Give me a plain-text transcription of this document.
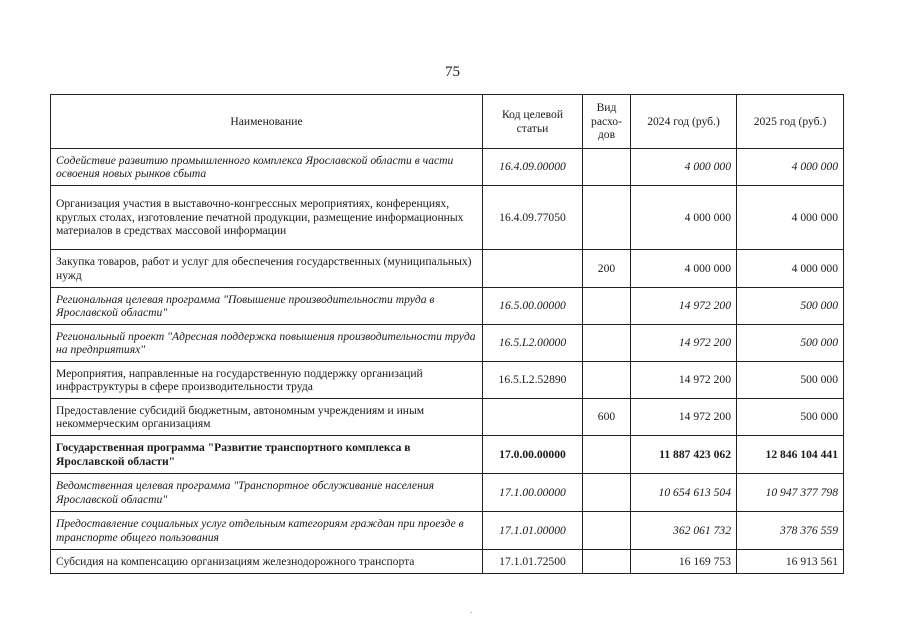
75
Наименование	Код целевой статьи	Вид расхо-дов	2024 год (руб.)	2025 год (руб.)
Содействие развитию промышленного комплекса Ярославской области в части освоения новых рынков сбыта	16.4.09.00000		4 000 000	4 000 000
Организация участия в выставочно-конгрессных мероприятиях, конференциях, круглых столах, изготовление печатной продукции, размещение информационных материалов в средствах массовой информации	16.4.09.77050		4 000 000	4 000 000
Закупка товаров, работ и услуг для обеспечения государственных (муниципальных) нужд		200	4 000 000	4 000 000
Региональная целевая программа "Повышение производительности труда в Ярославской области"	16.5.00.00000		14 972 200	500 000
Региональный проект "Адресная поддержка повышения производительности труда на предприятиях"	16.5.L2.00000		14 972 200	500 000
Мероприятия, направленные на государственную поддержку организаций инфраструктуры в сфере производительности труда	16.5.L2.52890		14 972 200	500 000
Предоставление субсидий бюджетным, автономным учреждениям и иным некоммерческим организациям		600	14 972 200	500 000
Государственная программа "Развитие транспортного комплекса в Ярославской области"	17.0.00.00000		11 887 423 062	12 846 104 441
Ведомственная целевая программа "Транспортное обслуживание населения Ярославской области"	17.1.00.00000		10 654 613 504	10 947 377 798
Предоставление социальных услуг отдельным категориям граждан при проезде в транспорте общего пользования	17.1.01.00000		362 061 732	378 376 559
Субсидия на компенсацию организациям железнодорожного транспорта	17.1.01.72500		16 169 753	16 913 561
